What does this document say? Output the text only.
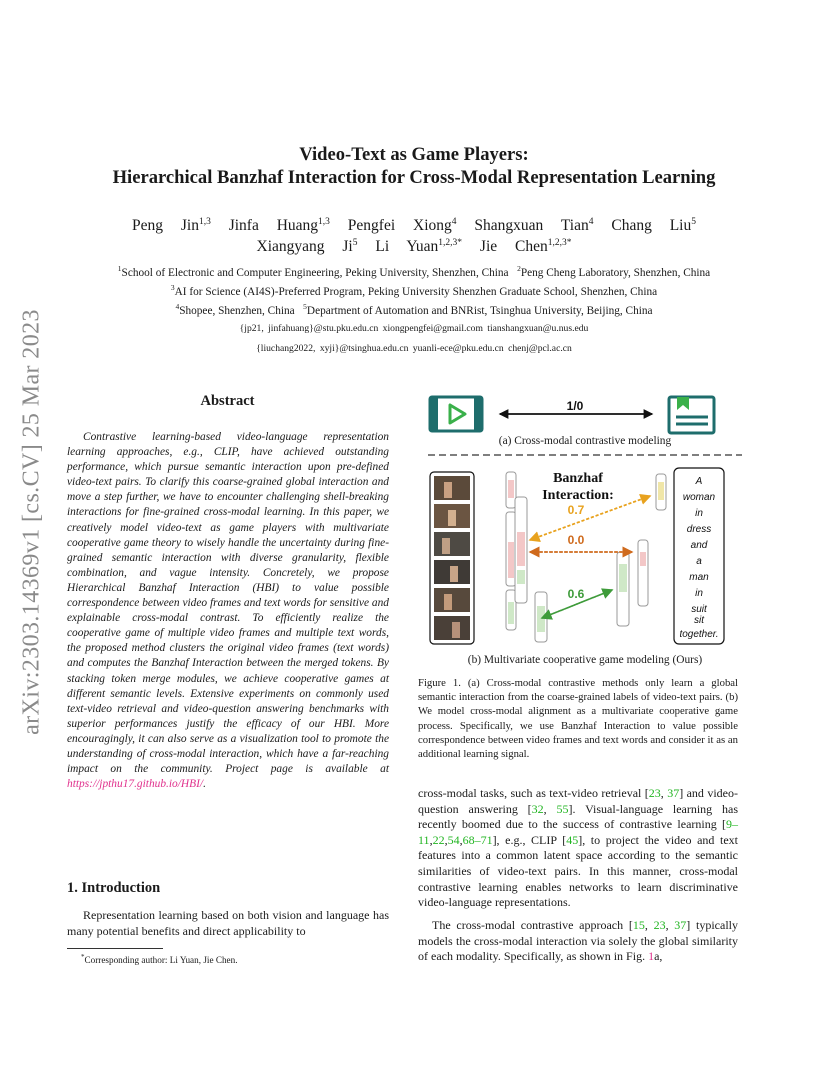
arXiv:2303.14369v1 [cs.CV] 25 Mar 2023
Video-Text as Game Players:
Hierarchical Banzhaf Interaction for Cross-Modal Representation Learning
Peng Jin$^{1,3}$ Jinfa Huang$^{1,3}$ Pengfei Xiong$^4$ Shangxuan Tian$^4$ Chang Liu$^5$
Xiangyang Ji$^5$ Li Yuan$^{1,2,3*}$ Jie Chen$^{1,2,3*}$
$^1$School of Electronic and Computer Engineering, Peking University, Shenzhen, China $^2$Peng Cheng Laboratory, Shenzhen, China
$^3$AI for Science (AI4S)-Preferred Program, Peking University Shenzhen Graduate School, Shenzhen, China
$^4$Shopee, Shenzhen, China $^5$Department of Automation and BNRist, Tsinghua University, Beijing, China
{jp21, jinfahuang}@stu.pku.edu.cn xiongpengfei@gmail.com tianshangxuan@u.nus.edu
{liuchang2022, xyji}@tsinghua.edu.cn yuanli-ece@pku.edu.cn chenj@pcl.ac.cn
Abstract
Contrastive learning-based video-language representation learning approaches, e.g., CLIP, have achieved outstanding performance, which pursue semantic interaction upon pre-defined video-text pairs. To clarify this coarse-grained global interaction and move a step further, we have to encounter challenging shell-breaking interactions for fine-grained cross-modal learning. In this paper, we creatively model video-text as game players with multivariate cooperative game theory to wisely handle the uncertainty during fine-grained semantic interaction with diverse granularity, flexible combination, and vague intensity. Concretely, we propose Hierarchical Banzhaf Interaction (HBI) to value possible correspondence between video frames and text words for sensitive and explainable cross-modal contrast. To efficiently realize the cooperative game of multiple video frames and multiple text words, the proposed method clusters the original video frames (text words) and computes the Banzhaf Interaction between the merged tokens. By stacking token merge modules, we achieve cooperative games at different semantic levels. Extensive experiments on commonly used text-video retrieval and video-question answering benchmarks with superior performances justify the efficacy of our HBI. More encouragingly, it can also serve as a visualization tool to promote the understanding of cross-modal interaction, which have a far-reaching impact on the community. Project page is available at https://jpthu17.github.io/HBI/.
1. Introduction
Representation learning based on both vision and language has many potential benefits and direct applicability to
*Corresponding author: Li Yuan, Jie Chen.
1/0
Banzhaf
Interaction:
0.7
0.0
0.6
A
woman
in
dress
and
a
man
in
suit
sit
together.
(a) Cross-modal contrastive modeling
(b) Multivariate cooperative game modeling (Ours)
Figure 1. (a) Cross-modal contrastive methods only learn a global semantic interaction from the coarse-grained labels of video-text pairs. (b) We model cross-modal alignment as a multivariate cooperative game process. Specifically, we use Banzhaf Interaction to value possible correspondence between video frames and text words and consider it as an additional learning signal.
cross-modal tasks, such as text-video retrieval [23, 37] and video-question answering [32, 55]. Visual-language learning has recently boomed due to the success of contrastive learning [9–11,22,54,68–71], e.g., CLIP [45], to project the video and text features into a common latent space according to the semantic similarities of video-text pairs. In this manner, cross-modal contrastive learning enables networks to learn discriminative video-language representations.
The cross-modal contrastive approach [15, 23, 37] typically models the cross-modal interaction via solely the global similarity of each modality. Specifically, as shown in Fig. 1a,
